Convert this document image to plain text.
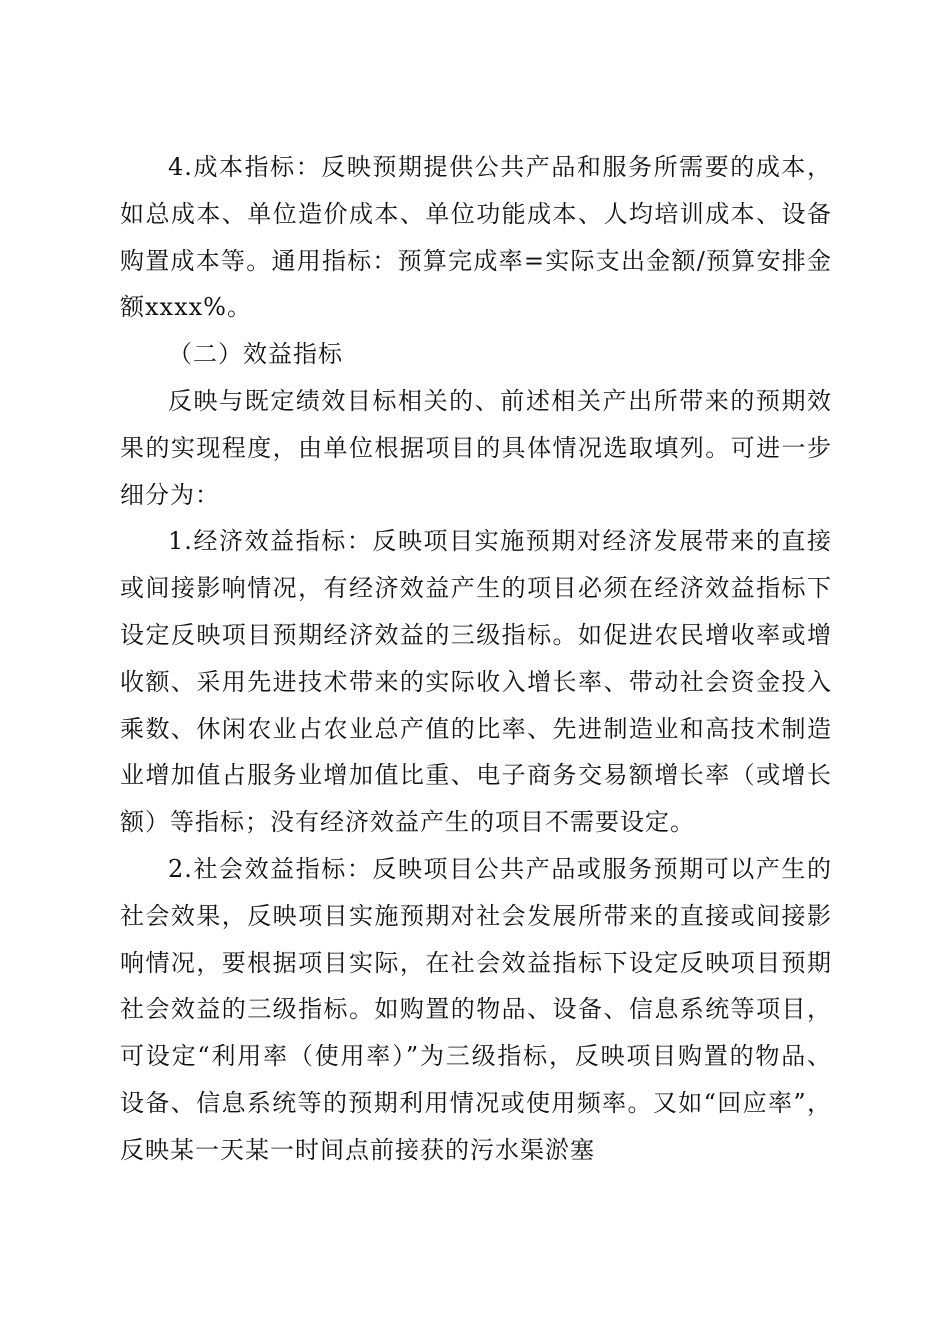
4.成本指标：反映预期提供公共产品和服务所需要的成本，如总成本、单位造价成本、单位功能成本、人均培训成本、设备购置成本等。通用指标：预算完成率=实际支出金额/预算安排金额xxxx%。

（二）效益指标

反映与既定绩效目标相关的、前述相关产出所带来的预期效果的实现程度，由单位根据项目的具体情况选取填列。可进一步细分为：

1.经济效益指标：反映项目实施预期对经济发展带来的直接或间接影响情况，有经济效益产生的项目必须在经济效益指标下设定反映项目预期经济效益的三级指标。如促进农民增收率或增收额、采用先进技术带来的实际收入增长率、带动社会资金投入乘数、休闲农业占农业总产值的比率、先进制造业和高技术制造业增加值占服务业增加值比重、电子商务交易额增长率（或增长额）等指标；没有经济效益产生的项目不需要设定。

2.社会效益指标：反映项目公共产品或服务预期可以产生的社会效果，反映项目实施预期对社会发展所带来的直接或间接影响情况，要根据项目实际，在社会效益指标下设定反映项目预期社会效益的三级指标。如购置的物品、设备、信息系统等项目，可设定“利用率（使用率）”为三级指标，反映项目购置的物品、设备、信息系统等的预期利用情况或使用频率。又如“回应率”，反映某一天某一时间点前接获的污水渠淤塞
